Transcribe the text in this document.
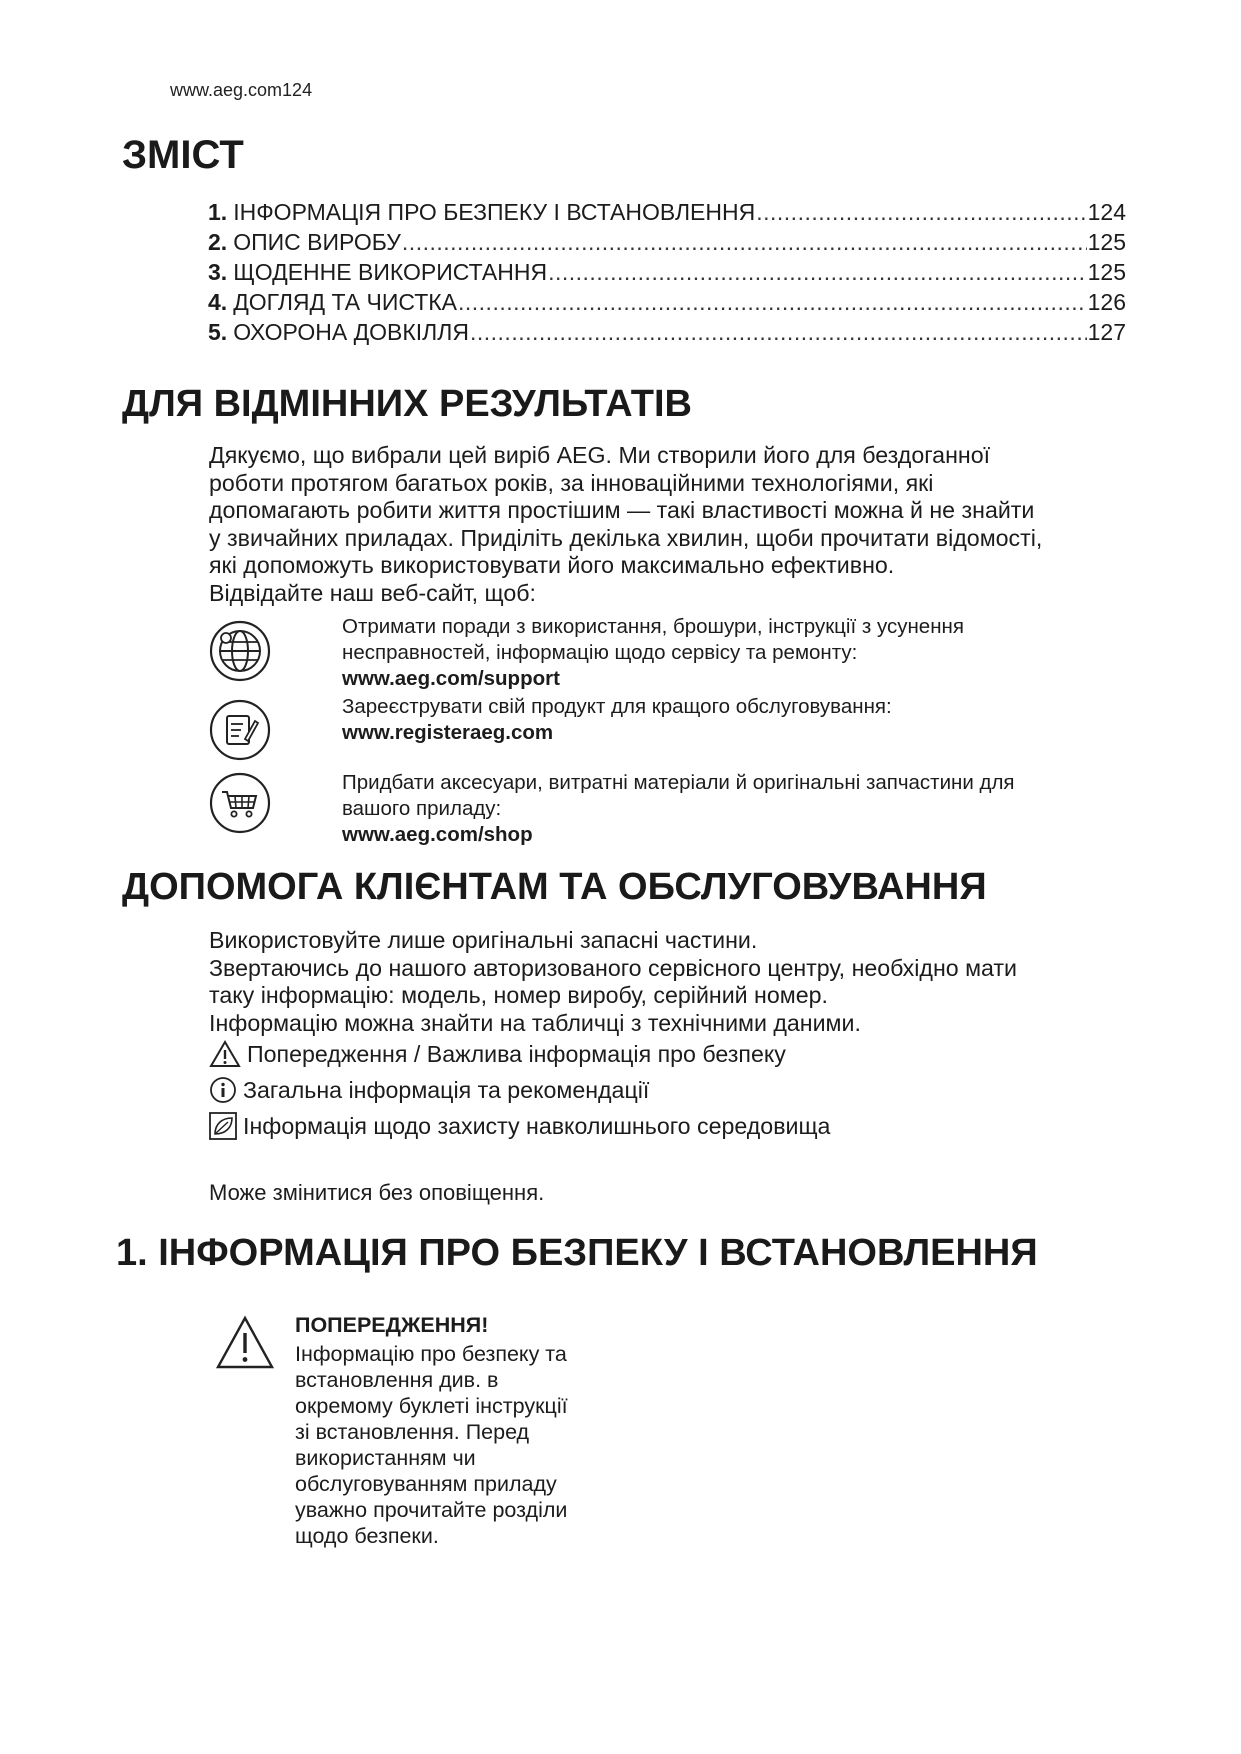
www.aeg.com124
ЗМІСТ
1. ІНФОРМАЦІЯ ПРО БЕЗПЕКУ І ВСТАНОВЛЕННЯ .....	124
2. ОПИС ВИРОБУ .....	125
3. ЩОДЕННЕ ВИКОРИСТАННЯ .....	125
4. ДОГЛЯД ТА ЧИСТКА .....	126
5. ОХОРОНА ДОВКІЛЛЯ .....	127
ДЛЯ ВІДМІННИХ РЕЗУЛЬТАТІВ

Дякуємо, що вибрали цей виріб AEG. Ми створили його для бездоганної

роботи протягом багатьох років, за інноваційними технологіями, які

допомагають робити життя простішим — такі властивості можна й не знайти

у звичайних приладах. Приділіть декілька хвилин, щоби прочитати відомості,

які допоможуть використовувати його максимально ефективно.

Відвідайте наш веб-сайт, щоб:

Отримати поради з використання, брошури, інструкції з усунення
несправностей, інформацію щодо сервісу та ремонту:
www.aeg.com/support
Зареєструвати свій продукт для кращого обслуговування:
www.registeraeg.com
Придбати аксесуари, витратні матеріали й оригінальні запчастини для
вашого приладу:
www.aeg.com/shop
ДОПОМОГА КЛІЄНТАМ ТА ОБСЛУГОВУВАННЯ
Використовуйте лише оригінальні запасні частини.
Звертаючись до нашого авторизованого сервісного центру, необхідно мати
таку інформацію: модель, номер виробу, серійний номер.
Інформацію можна знайти на табличці з технічними даними.
Попередження / Важлива інформація про безпеку
Загальна інформація та рекомендації
Інформація щодо захисту навколишнього середовища
Може змінитися без оповіщення.
1. ІНФОРМАЦІЯ ПРО БЕЗПЕКУ І ВСТАНОВЛЕННЯ
ПОПЕРЕДЖЕННЯ!
Інформацію про безпеку та
встановлення див. в
окремому буклеті інструкції
зі встановлення. Перед
використанням чи
обслуговуванням приладу
уважно прочитайте розділи
щодо безпеки.
